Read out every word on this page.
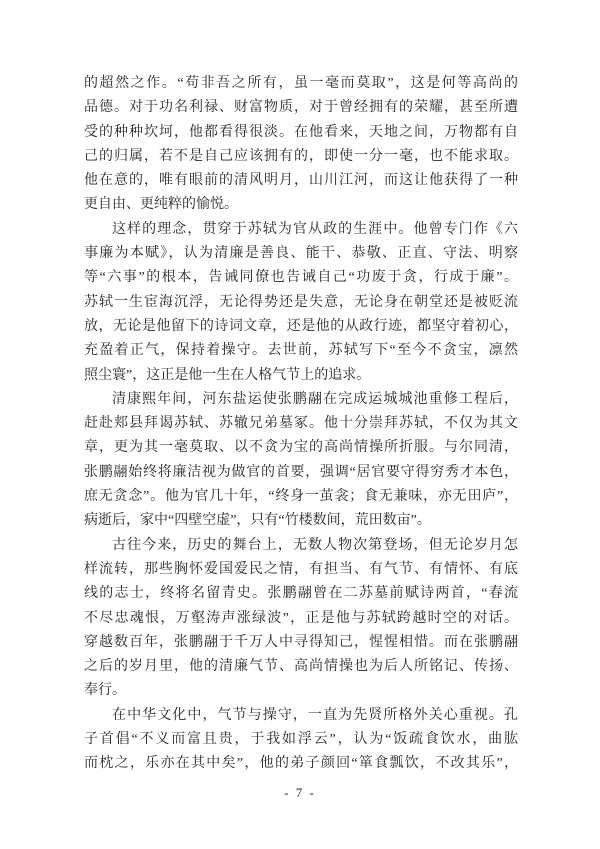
的超然之作。“苟非吾之所有，虽一毫而莫取”，这是何等高尚的
品德。对于功名利禄、财富物质，对于曾经拥有的荣耀，甚至所遭
受的种种坎坷，他都看得很淡。在他看来，天地之间，万物都有自
己的归属，若不是自己应该拥有的，即使一分一毫，也不能求取。
他在意的，唯有眼前的清风明月，山川江河，而这让他获得了一种
更自由、更纯粹的愉悦。
这样的理念，贯穿于苏轼为官从政的生涯中。他曾专门作《六
事廉为本赋》，认为清廉是善良、能干、恭敬、正直、守法、明察
等“六事”的根本，告诫同僚也告诫自己“功废于贪，行成于廉”。
苏轼一生宦海沉浮，无论得势还是失意，无论身在朝堂还是被贬流
放，无论是他留下的诗词文章，还是他的从政行迹，都坚守着初心，
充盈着正气，保持着操守。去世前，苏轼写下“至今不贪宝，凛然
照尘寰”，这正是他一生在人格气节上的追求。
清康熙年间，河东盐运使张鹏翮在完成运城城池重修工程后，
赶赴郏县拜谒苏轼、苏辙兄弟墓冢。他十分崇拜苏轼，不仅为其文
章，更为其一毫莫取、以不贪为宝的高尚情操所折服。与尔同清，
张鹏翮始终将廉洁视为做官的首要，强调“居官要守得穷秀才本色，
庶无贪念”。他为官几十年，“终身一茧衾；食无兼味，亦无田庐”，
病逝后，家中“四壁空虚”，只有“竹楼数间，荒田数亩”。
古往今来，历史的舞台上，无数人物次第登场，但无论岁月怎
样流转，那些胸怀爱国爱民之情，有担当、有气节、有情怀、有底
线的志士，终将名留青史。张鹏翮曾在二苏墓前赋诗两首，“春流
不尽忠魂恨，万壑涛声涨绿波”，正是他与苏轼跨越时空的对话。
穿越数百年，张鹏翮于千万人中寻得知己，惺惺相惜。而在张鹏翮
之后的岁月里，他的清廉气节、高尚情操也为后人所铭记、传扬、
奉行。
在中华文化中，气节与操守，一直为先贤所格外关心重视。孔
子首倡“不义而富且贵，于我如浮云”，认为“饭疏食饮水，曲肱
而枕之，乐亦在其中矣”，他的弟子颜回“箪食瓢饮，不改其乐”，
- 7 -
